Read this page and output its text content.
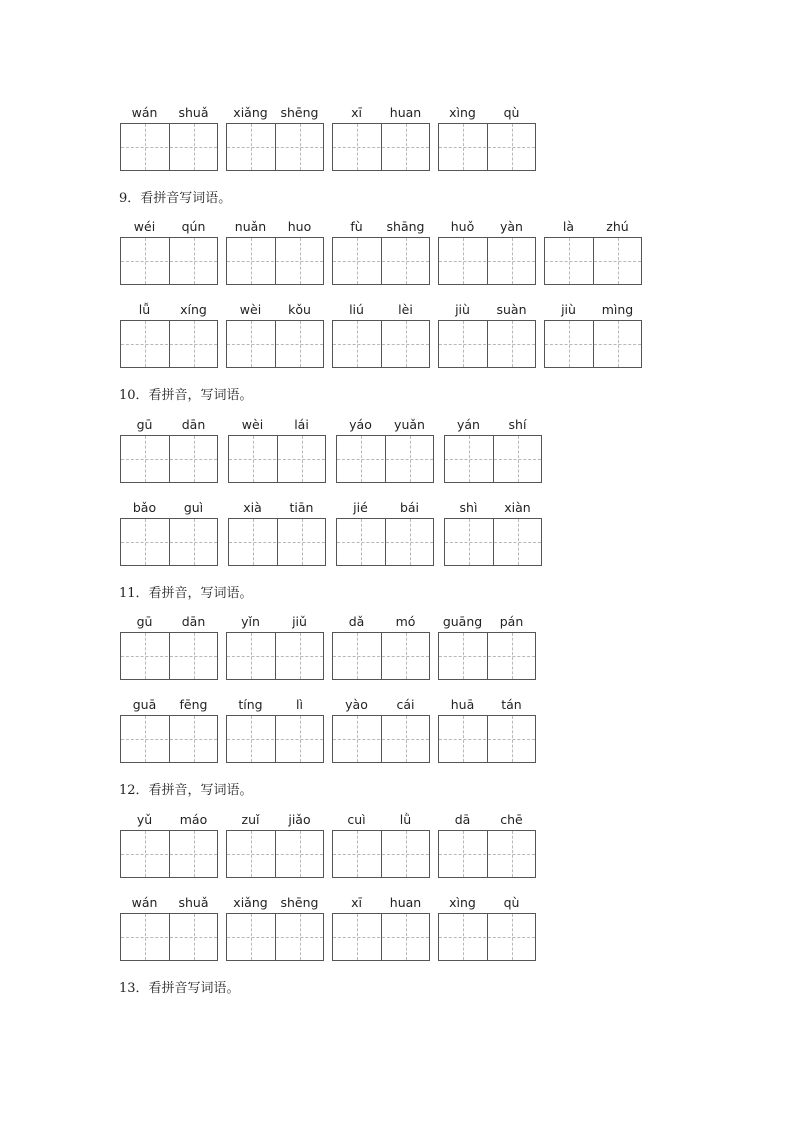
9．看拼音写词语。
10．看拼音，写词语。
11．看拼音，写词语。
12．看拼音，写词语。
13．看拼音写词语。
wán	shuǎ	xiǎng	shēng	xī	huan	xìng	qù
wéi	qún	nuǎn	huo	fù	shāng	huǒ	yàn	là	zhú
lǚ	xíng	wèi	kǒu	liú	lèi	jiù	suàn	jiù	mìng
gū	dān	wèi	lái	yáo	yuǎn	yán	shí
bǎo	guì	xià	tiān	jié	bái	shì	xiàn
gū	dān	yǐn	jiǔ	dǎ	mó	guāng	pán
guā	fēng	tíng	lì	yào	cái	huā	tán
yǔ	máo	zuǐ	jiǎo	cuì	lǜ	dā	chē
wán	shuǎ	xiǎng	shēng	xī	huan	xìng	qù
